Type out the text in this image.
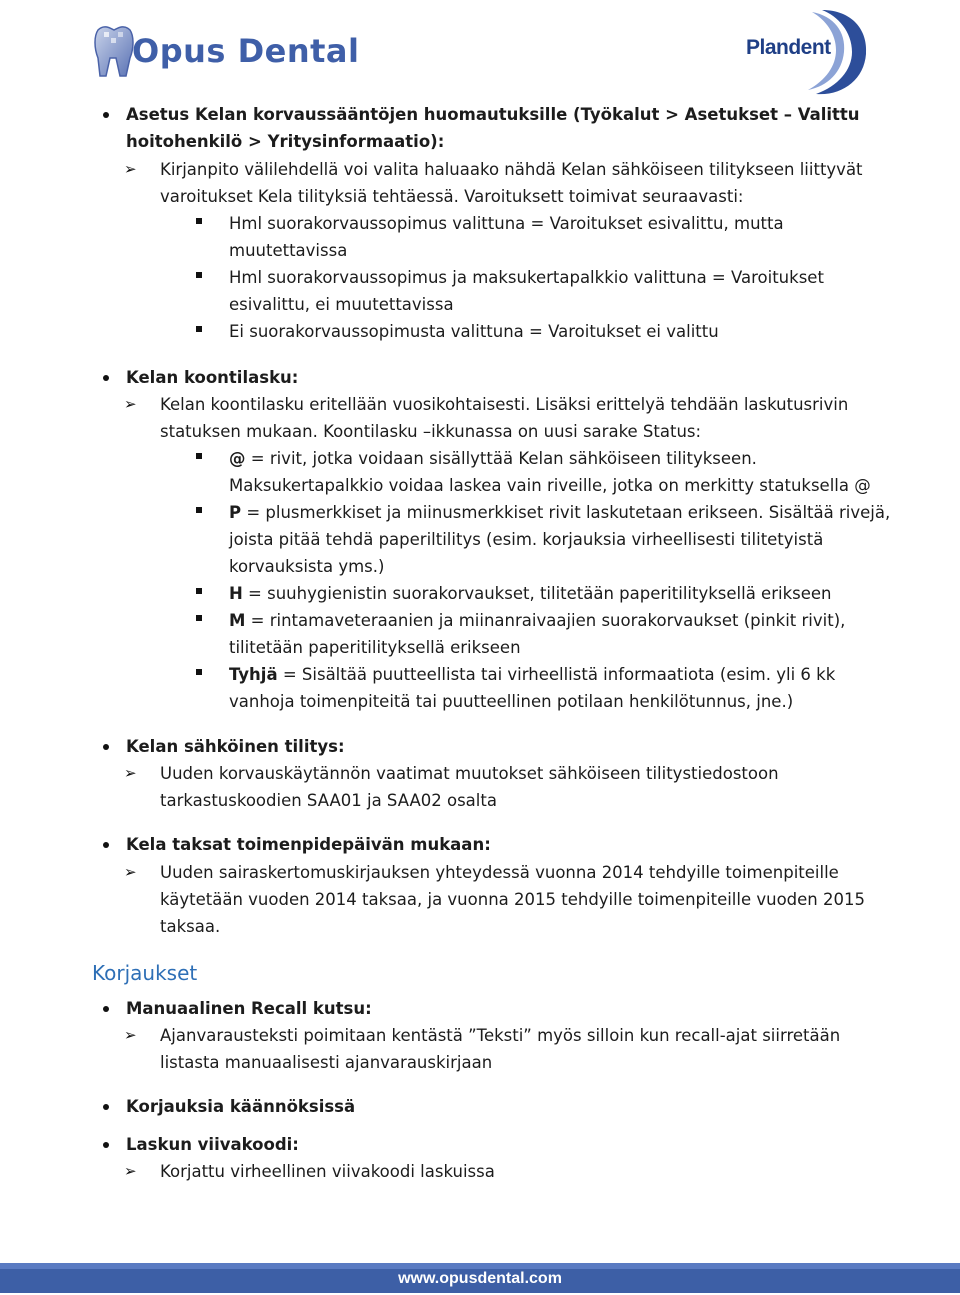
Opus Dental	Plandent
Asetus Kelan korvaussääntöjen huomautuksille (Työkalut > Asetukset – Valittu
hoitohenkilö > Yritysinformaatio):
➢ Kirjanpito välilehdellä voi valita haluaako nähdä Kelan sähköiseen tilitykseen liittyvät
varoitukset Kela tilityksiä tehtäessä. Varoituksett toimivat seuraavasti:
Hml suorakorvaussopimus valittuna = Varoitukset esivalittu, mutta
muutettavissa
Hml suorakorvaussopimus ja maksukertapalkkio valittuna = Varoitukset
esivalittu, ei muutettavissa
Ei suorakorvaussopimusta valittuna = Varoitukset ei valittu
Kelan koontilasku:
➢ Kelan koontilasku eritellään vuosikohtaisesti. Lisäksi erittelyä tehdään laskutusrivin
statuksen mukaan. Koontilasku –ikkunassa on uusi sarake Status:
@ = rivit, jotka voidaan sisällyttää Kelan sähköiseen tilitykseen.
Maksukertapalkkio voidaa laskea vain riveille, jotka on merkitty statuksella @
P = plusmerkkiset ja miinusmerkkiset rivit laskutetaan erikseen. Sisältää rivejä,
joista pitää tehdä paperiltilitys (esim. korjauksia virheellisesti tilitetyistä
korvauksista yms.)
H = suuhygienistin suorakorvaukset, tilitetään paperitilityksellä erikseen
M = rintamaveteraanien ja miinanraivaajien suorakorvaukset (pinkit rivit),
tilitetään paperitilityksellä erikseen
Tyhjä = Sisältää puutteellista tai virheellistä informaatiota (esim. yli 6 kk
vanhoja toimenpiteitä tai puutteellinen potilaan henkilötunnus, jne.)
Kelan sähköinen tilitys:
➢ Uuden korvauskäytännön vaatimat muutokset sähköiseen tilitystiedostoon
tarkastuskoodien SAA01 ja SAA02 osalta
Kela taksat toimenpidepäivän mukaan:
➢ Uuden sairaskertomuskirjauksen yhteydessä vuonna 2014 tehdyille toimenpiteille
käytetään vuoden 2014 taksaa, ja vuonna 2015 tehdyille toimenpiteille vuoden 2015
taksaa.
Korjaukset
Manuaalinen Recall kutsu:
➢ Ajanvarausteksti poimitaan kentästä ”Teksti” myös silloin kun recall-ajat siirretään
listasta manuaalisesti ajanvarauskirjaan
Korjauksia käännöksissä
Laskun viivakoodi:
➢ Korjattu virheellinen viivakoodi laskuissa
www.opusdental.com
